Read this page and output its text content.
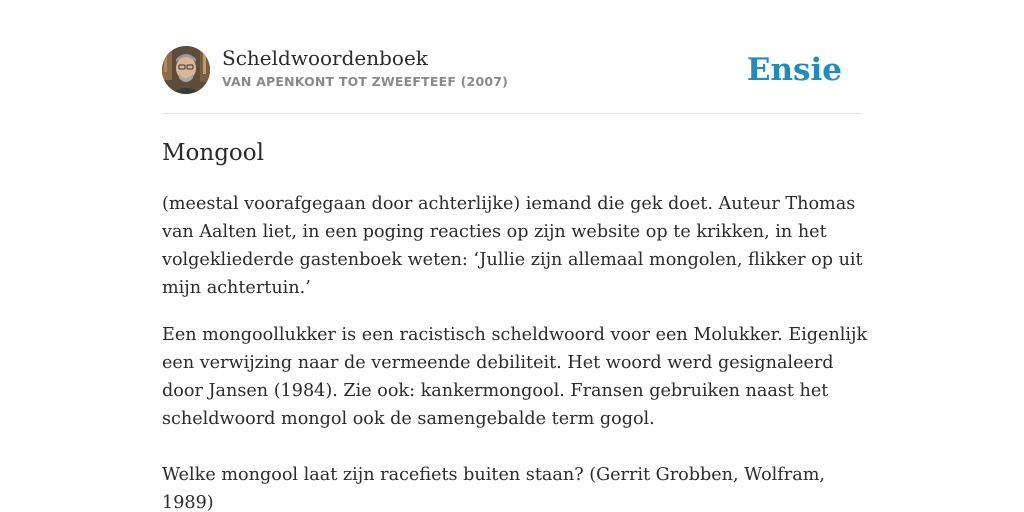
Scheldwoordenboek
VAN APENKONT TOT ZWEEFTEEF (2007)	Ensie
Mongool

(meestal voorafgegaan door achterlijke) iemand die gek doet. Auteur Thomas van Aalten liet, in een poging reacties op zijn website op te krikken, in het volgekliederde gastenboek weten: ‘Jullie zijn allemaal mongolen, flikker op uit mijn achtertuin.’

Een mongoollukker is een racistisch scheldwoord voor een Molukker. Eigenlijk een verwijzing naar de vermeende debiliteit. Het woord werd gesignaleerd door Jansen (1984). Zie ook: kankermongool. Fransen gebruiken naast het scheldwoord mongol ook de samengebalde term gogol.

Welke mongool laat zijn racefiets buiten staan? (Gerrit Grobben, Wolfram, 1989)
